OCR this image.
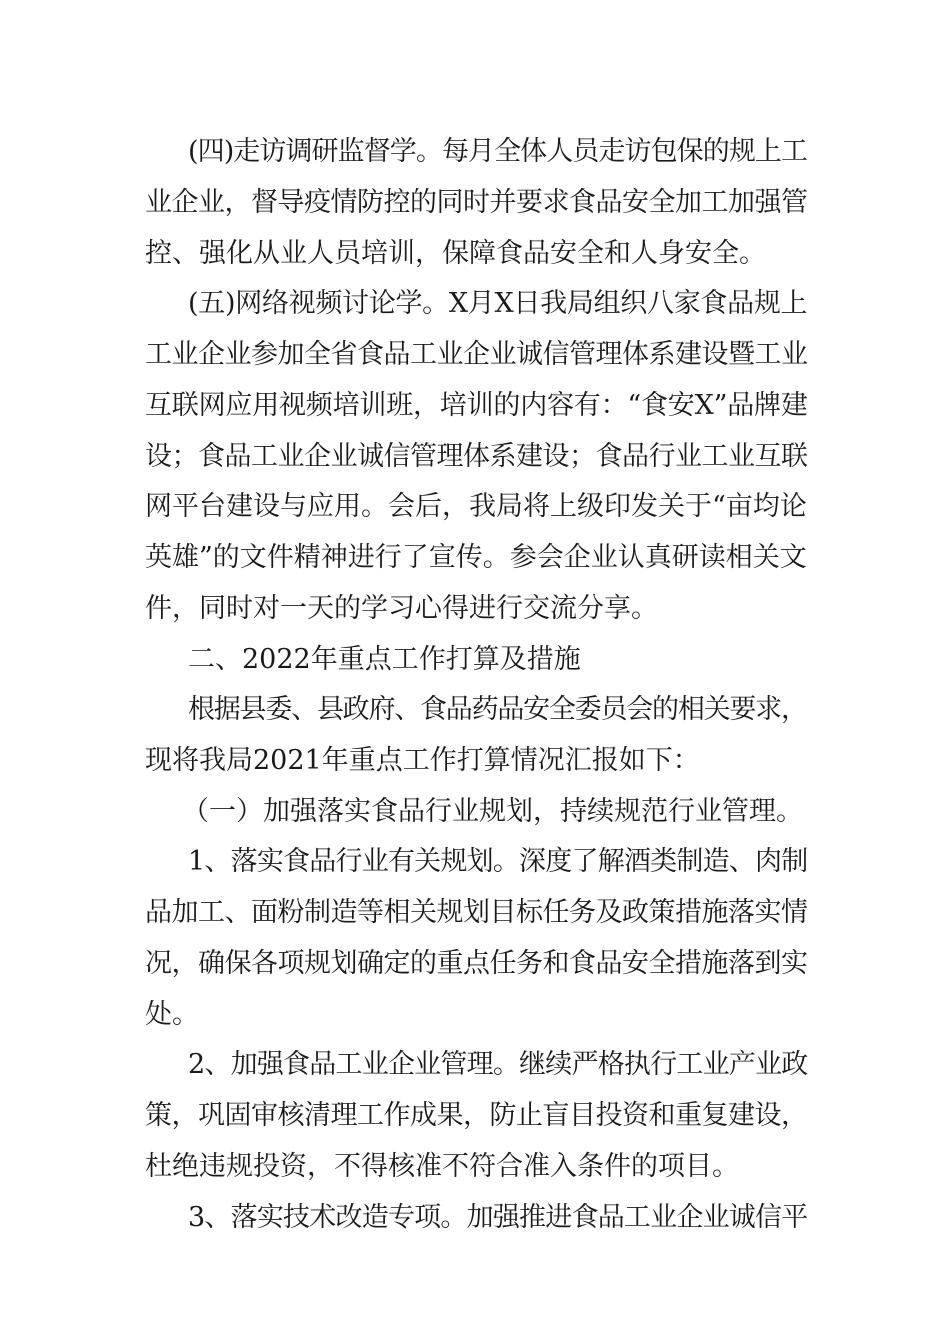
(四)走访调研监督学。每月全体人员走访包保的规上工

业企业，督导疫情防控的同时并要求食品安全加工加强管

控、强化从业人员培训，保障食品安全和人身安全。

(五)网络视频讨论学。X月X日我局组织八家食品规上

工业企业参加全省食品工业企业诚信管理体系建设暨工业

互联网应用视频培训班，培训的内容有：“食安X”品牌建

设；食品工业企业诚信管理体系建设；食品行业工业互联

网平台建设与应用。会后，我局将上级印发关于“亩均论

英雄”的文件精神进行了宣传。参会企业认真研读相关文

件，同时对一天的学习心得进行交流分享。

二、2022年重点工作打算及措施

根据县委、县政府、食品药品安全委员会的相关要求，

现将我局2021年重点工作打算情况汇报如下：

（一）加强落实食品行业规划，持续规范行业管理。

1、落实食品行业有关规划。深度了解酒类制造、肉制

品加工、面粉制造等相关规划目标任务及政策措施落实情

况，确保各项规划确定的重点任务和食品安全措施落到实

处。

2、加强食品工业企业管理。继续严格执行工业产业政

策，巩固审核清理工作成果，防止盲目投资和重复建设，

杜绝违规投资，不得核准不符合准入条件的项目。

3、落实技术改造专项。加强推进食品工业企业诚信平
